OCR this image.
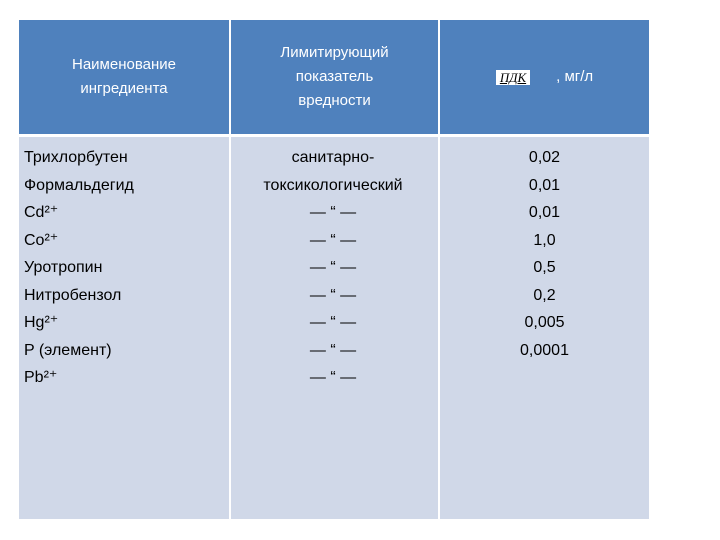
Наименование
ингредиента
Лимитирующий
показатель
вредности
ПДК , мг/л
Трихлорбутен
Формальдегид
Cd²⁺
Co²⁺
Уротропин
Нитробензол
Hg²⁺
P (элемент)
Pb²⁺
санитарно-
токсикологический
— “ —
— “ —
— “ —
— “ —
— “ —
— “ —
— “ —
0,02
0,01
0,01
1,0
0,5
0,2
0,005
0,0001
